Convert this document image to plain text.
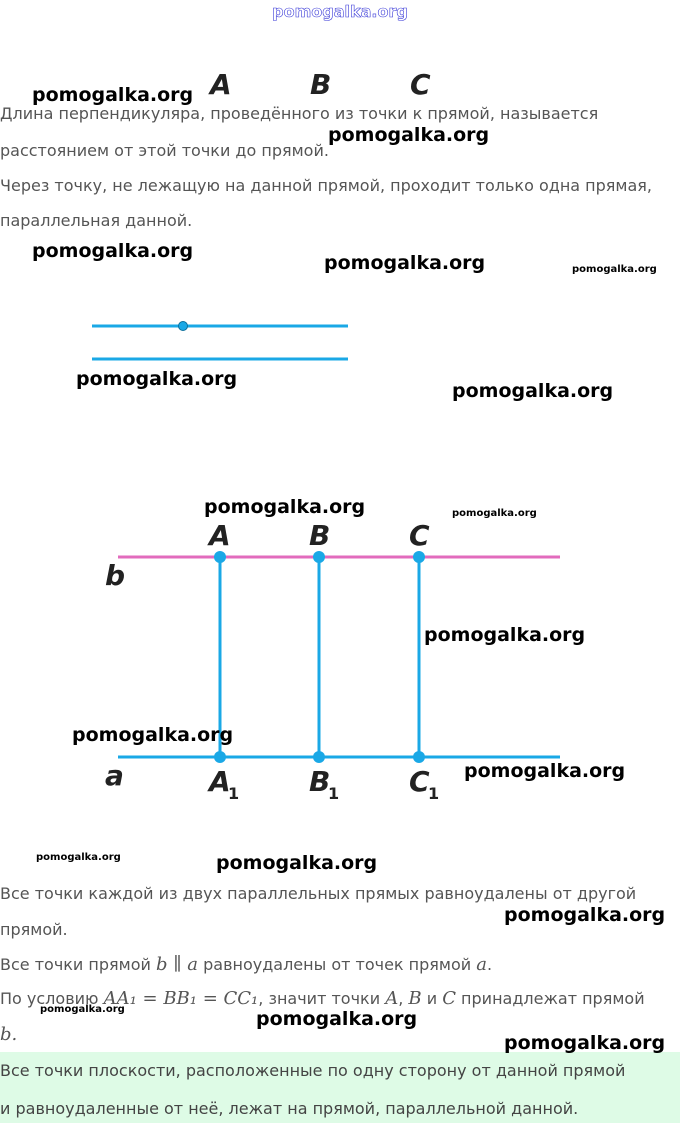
pomogalka.org
A	B	C

Длина перпендикуляра, проведённого из точки к прямой, называется

расстоянием от этой точки до прямой.

Через точку, не лежащую на данной прямой, проходит только одна прямая,

параллельная данной.

A	B	C
b
a	A
1 B
1 C
1

Все точки каждой из двух параллельных прямых равноудалены от другой

прямой.

Все точки прямой b ∥ a равноудалены от точек прямой a.

По условию AA₁ = BB₁ = CC₁, значит точки A, B и C принадлежат прямой

b.

Все точки плоскости, расположенные по одну сторону от данной прямой

и равноудаленные от неё, лежат на прямой, параллельной данной.

pomogalka.org
pomogalka.org
pomogalka.org
pomogalka.org	pomogalka.org
pomogalka.org
pomogalka.org
pomogalka.org	pomogalka.org
pomogalka.org
pomogalka.org
pomogalka.org
pomogalka.org	pomogalka.org
pomogalka.org
pomogalka.org	pomogalka.org
pomogalka.org
